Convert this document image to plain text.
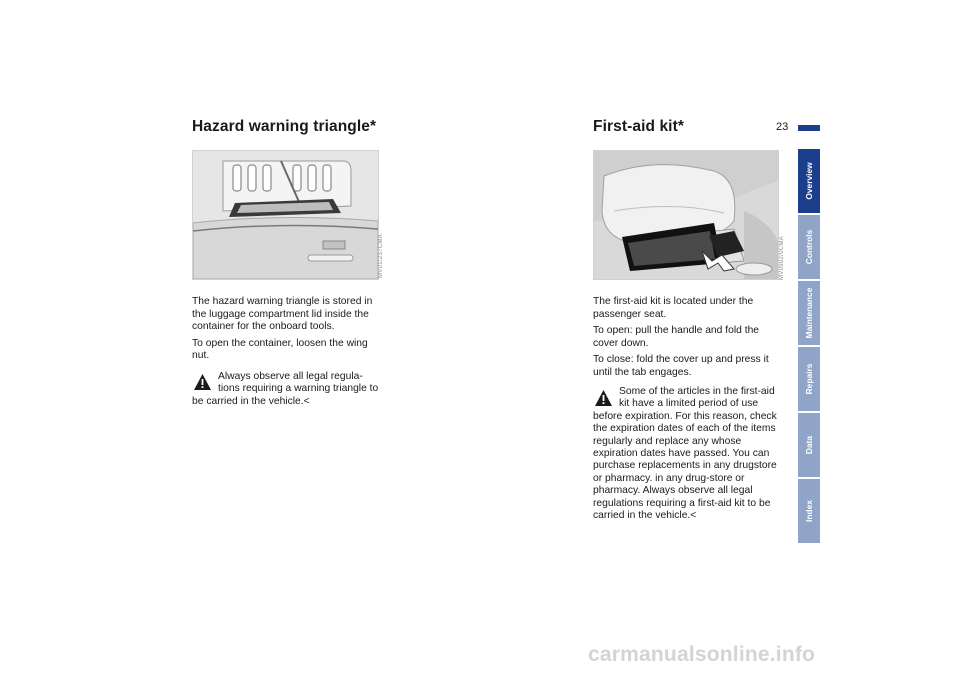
Hazard warning triangle*
MV01/237CMA

The hazard warning triangle is stored in the luggage compartment lid inside the container for the onboard tools.

To open the container, loosen the wing nut.

Always observe all legal regula-tions requiring a warning triangle to be carried in the vehicle.<
First-aid kit*	23
MV0902/0CMA

The first-aid kit is located under the passenger seat.

To open: pull the handle and fold the cover down.

To close: fold the cover up and press it until the tab engages.

Some of the articles in the first-aid kit have a limited period of use before expiration. For this reason, check the expiration dates of each of the items regularly and replace any whose expiration dates have passed. You can purchase replacements in any drugstore or pharmacy. in any drug-store or pharmacy. Always observe all legal regulations requiring a first-aid kit to be carried in the vehicle.<
Overview
Controls
Maintenance
Repairs
Data
Index
carmanualsonline.info
